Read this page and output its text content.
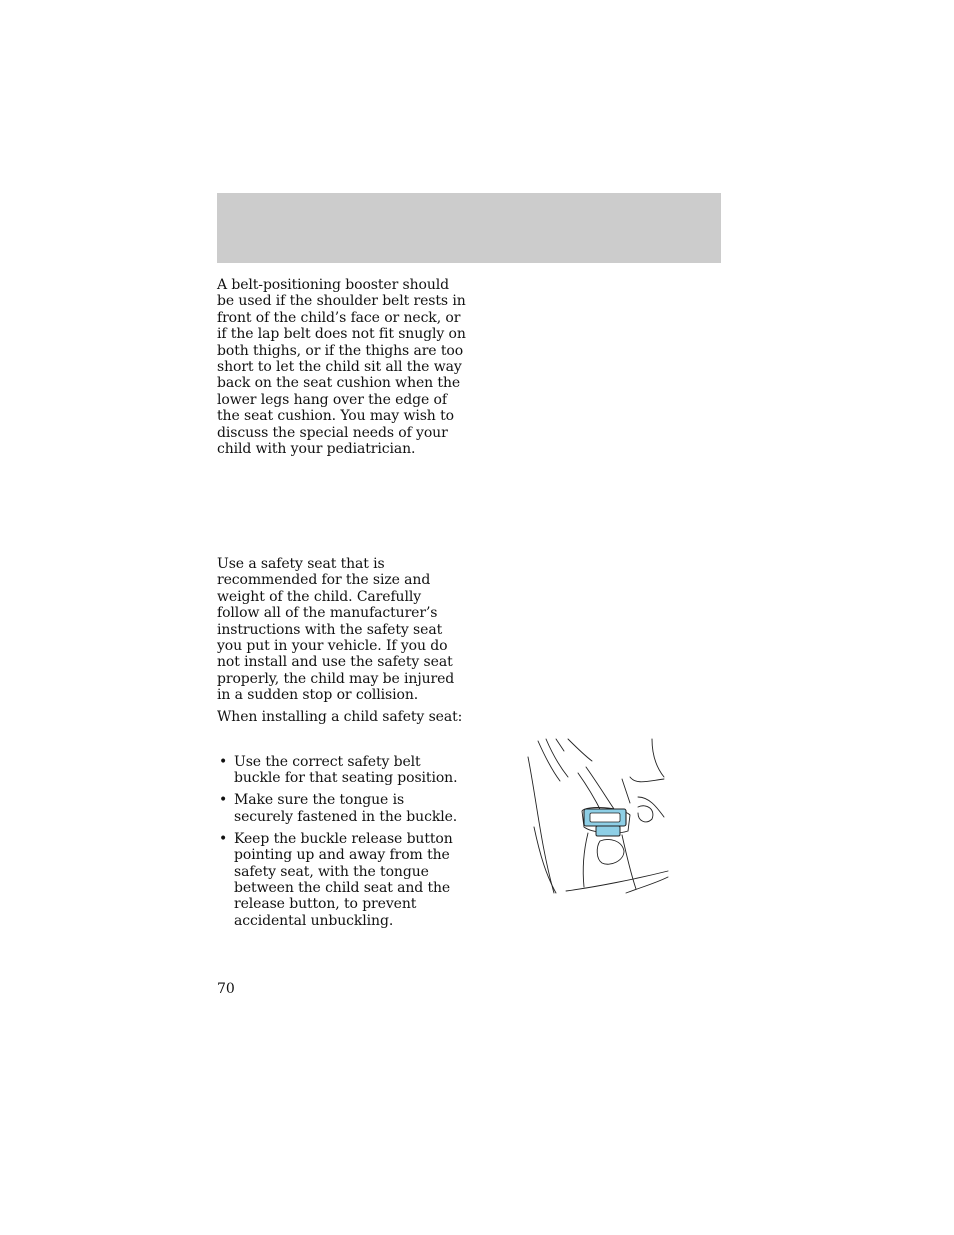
A belt-positioning booster should be used if the shoulder belt rests in front of the child’s face or neck, or if the lap belt does not fit snugly on both thighs, or if the thighs are too short to let the child sit all the way back on the seat cushion when the lower legs hang over the edge of the seat cushion. You may wish to discuss the special needs of your child with your pediatrician.

Use a safety seat that is recommended for the size and weight of the child. Carefully follow all of the manufacturer’s instructions with the safety seat you put in your vehicle. If you do not install and use the safety seat properly, the child may be injured in a sudden stop or collision.

When installing a child safety seat:

• Use the correct safety belt buckle for that seating position.
• Make sure the tongue is securely fastened in the buckle.
• Keep the buckle release button pointing up and away from the safety seat, with the tongue between the child seat and the release button, to prevent accidental unbuckling.
70
